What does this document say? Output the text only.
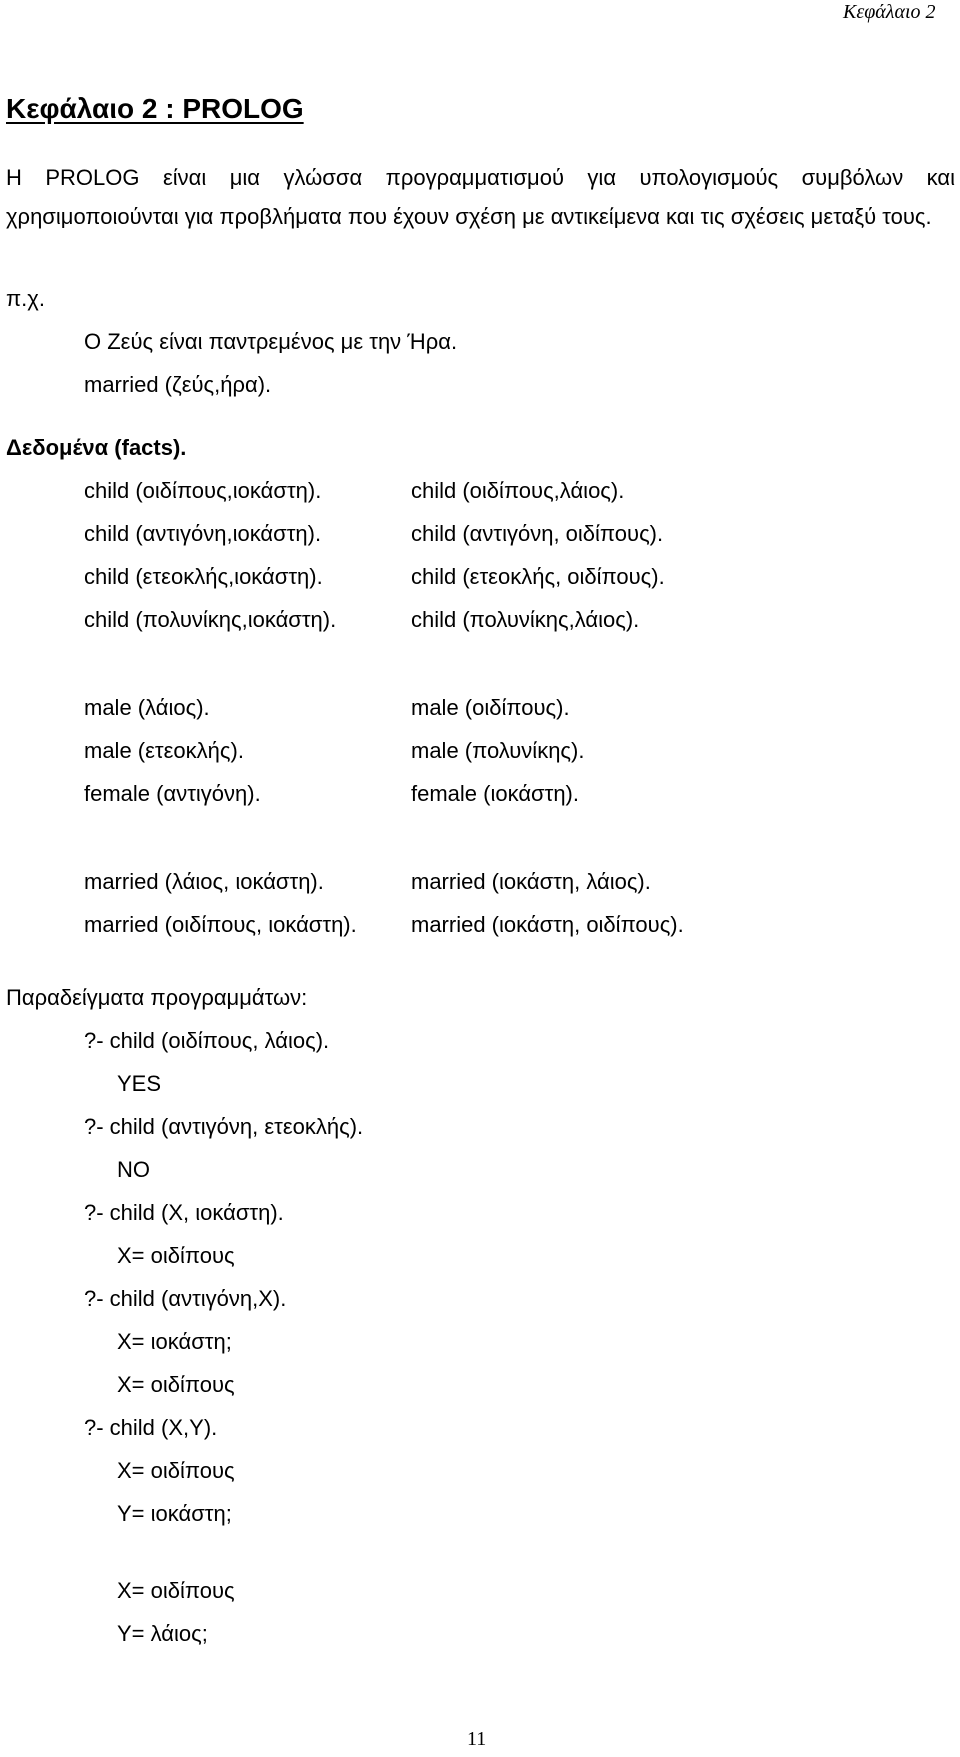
Κεφάλαιο 2
Κεφάλαιο 2 : PROLOG
Η PROLOG είναι μια γλώσσα προγραμματισμού για υπολογισμούς συμβόλων και χρησιμοποιούνται για προβλήματα που έχουν σχέση με αντικείμενα και τις σχέσεις μεταξύ τους.
π.χ.
Ο Ζεύς είναι παντρεμένος με την Ήρα.
married (ζεύς,ήρα).
Δεδομένα (facts).
child (οιδίπους,ιοκάστη).
child (αντιγόνη,ιοκάστη).
child (ετεοκλής,ιοκάστη).
child (πολυνίκης,ιοκάστη).
child (οιδίπους,λάιος).
child (αντιγόνη, οιδίπους).
child (ετεοκλής, οιδίπους).
child (πολυνίκης,λάιος).
male (λάιος).
male (ετεοκλής).
female (αντιγόνη).
male (οιδίπους).
male (πολυνίκης).
female (ιοκάστη).
married (λάιος, ιοκάστη).
married (οιδίπους, ιοκάστη).
married (ιοκάστη, λάιος).
married (ιοκάστη, οιδίπους).
Παραδείγματα προγραμμάτων:
?- child (οιδίπους, λάιος).
YES
?- child (αντιγόνη, ετεοκλής).
NO
?- child (X, ιοκάστη).
X= οιδίπους
?- child (αντιγόνη,X).
X= ιοκάστη;
X= οιδίπους
?- child (X,Y).
X= οιδίπους
Y= ιοκάστη;
X= οιδίπους
Y= λάιος;
11
